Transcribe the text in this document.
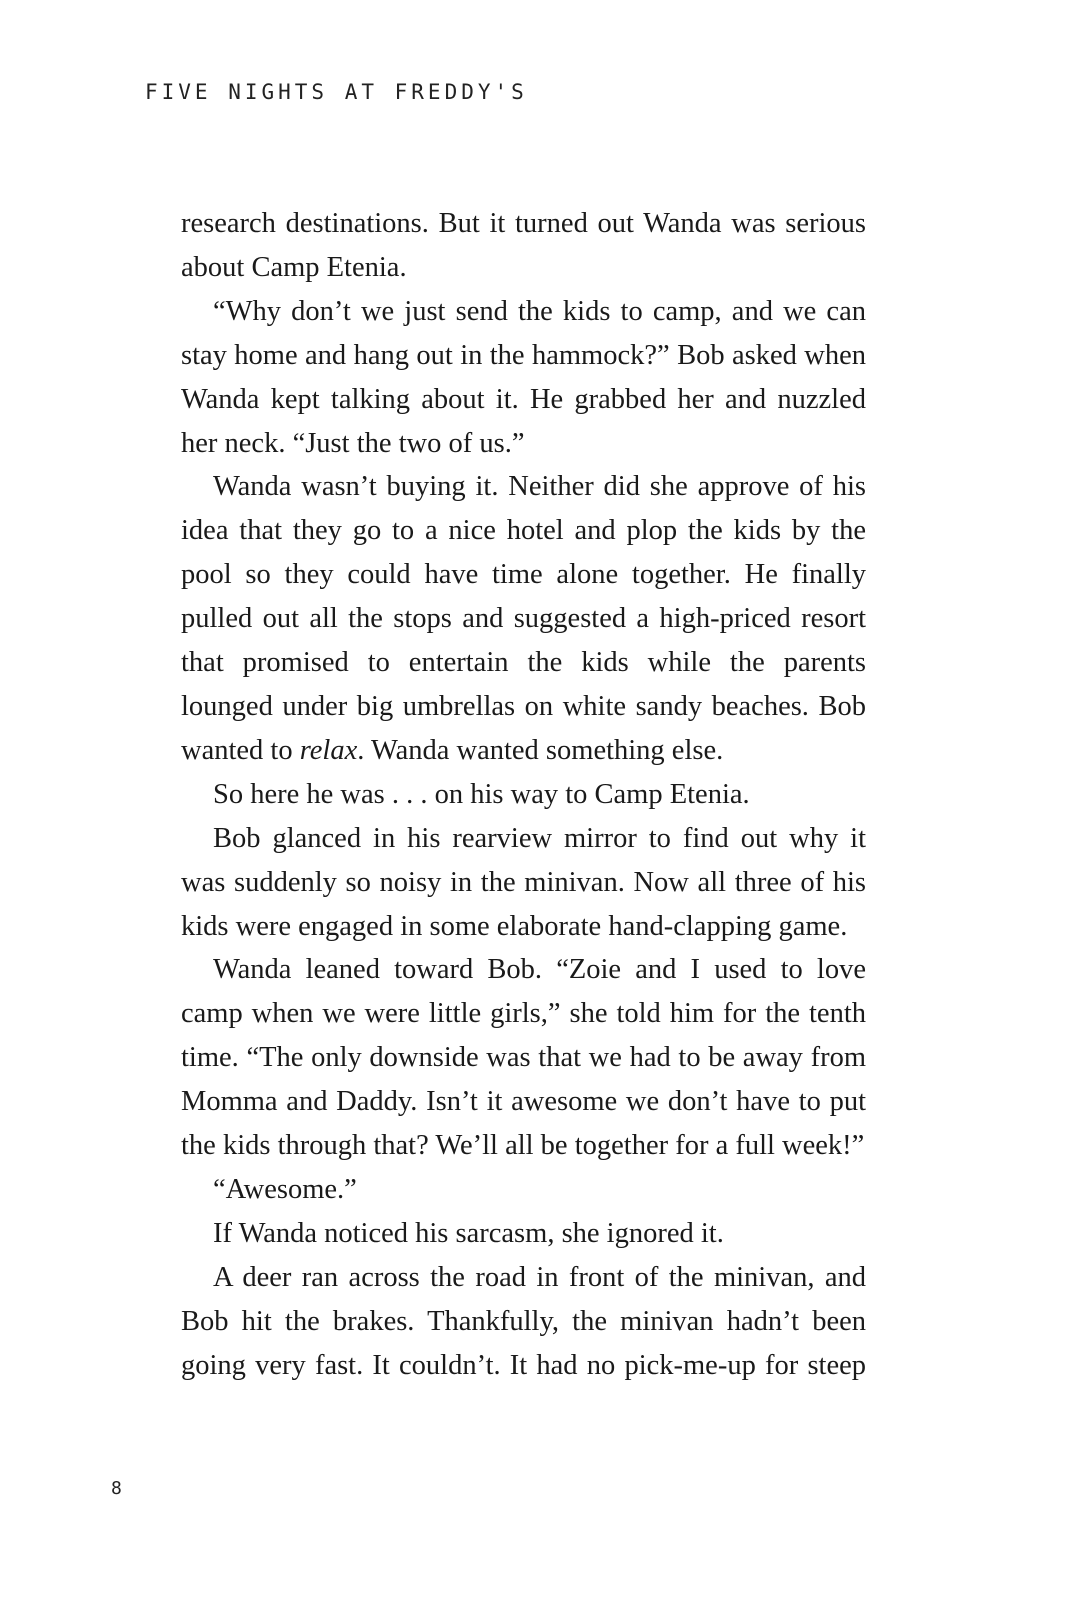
FIVE NIGHTS AT FREDDY'S

research destinations. But it turned out Wanda was serious about Camp Etenia.

“Why don’t we just send the kids to camp, and we can stay home and hang out in the hammock?” Bob asked when Wanda kept talking about it. He grabbed her and nuzzled her neck. “Just the two of us.”

Wanda wasn’t buying it. Neither did she approve of his idea that they go to a nice hotel and plop the kids by the pool so they could have time alone together. He finally pulled out all the stops and suggested a high-priced resort that promised to entertain the kids while the parents lounged under big umbrellas on white sandy beaches. Bob wanted to relax. Wanda wanted something else.

So here he was . . . on his way to Camp Etenia.

Bob glanced in his rearview mirror to find out why it was suddenly so noisy in the minivan. Now all three of his kids were engaged in some elaborate hand-clapping game.

Wanda leaned toward Bob. “Zoie and I used to love camp when we were little girls,” she told him for the tenth time. “The only downside was that we had to be away from Momma and Daddy. Isn’t it awesome we don’t have to put the kids through that? We’ll all be together for a full week!”

“Awesome.”

If Wanda noticed his sarcasm, she ignored it.

A deer ran across the road in front of the minivan, and Bob hit the brakes. Thankfully, the minivan hadn’t been going very fast. It couldn’t. It had no pick-me-up for steep

8
